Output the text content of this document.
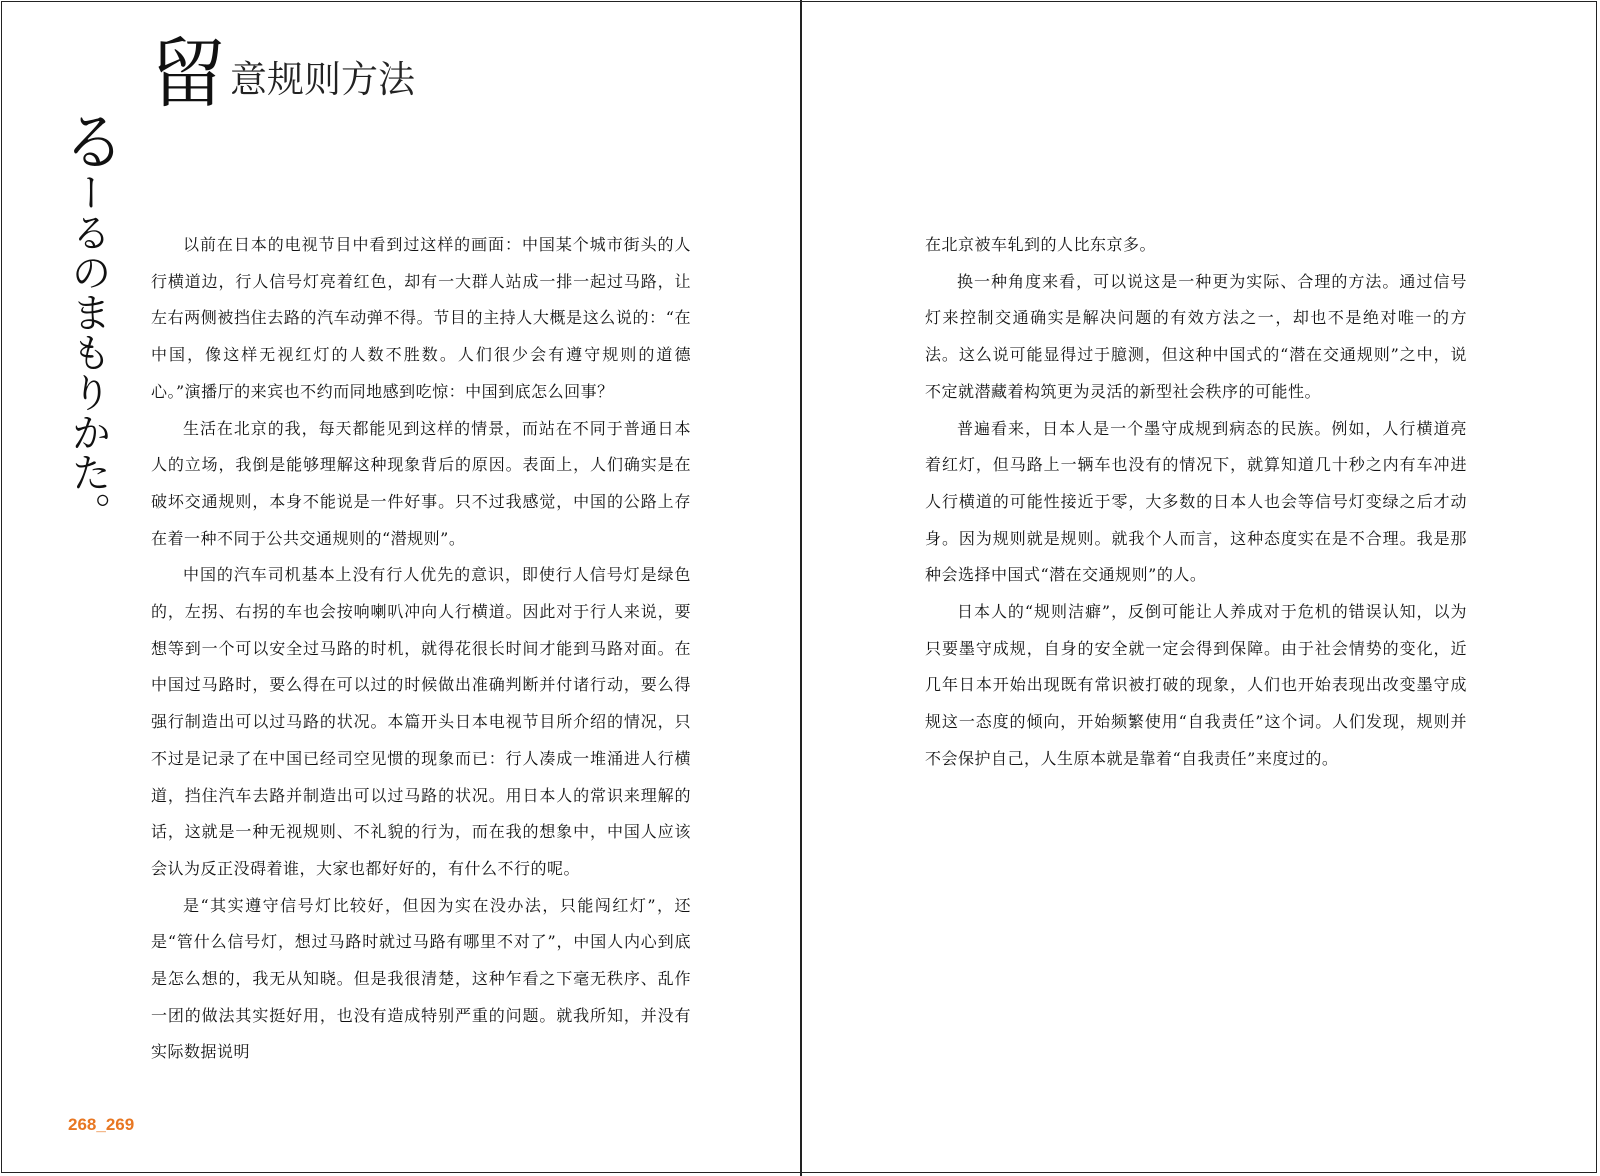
留 意规则方法
るーるのまもりかた。	以前在日本的电视节目中看到过这样的画面：中国某个城市街头的人行横道边，行人信号灯亮着红色，却有一大群人站成一排一起过马路，让左右两侧被挡住去路的汽车动弹不得。节目的主持人大概是这么说的：“在中国，像这样无视红灯的人数不胜数。人们很少会有遵守规则的道德心。”演播厅的来宾也不约而同地感到吃惊：中国到底怎么回事？

生活在北京的我，每天都能见到这样的情景，而站在不同于普通日本人的立场，我倒是能够理解这种现象背后的原因。表面上，人们确实是在破坏交通规则，本身不能说是一件好事。只不过我感觉，中国的公路上存在着一种不同于公共交通规则的“潜规则”。

中国的汽车司机基本上没有行人优先的意识，即使行人信号灯是绿色的，左拐、右拐的车也会按响喇叭冲向人行横道。因此对于行人来说，要想等到一个可以安全过马路的时机，就得花很长时间才能到马路对面。在中国过马路时，要么得在可以过的时候做出准确判断并付诸行动，要么得强行制造出可以过马路的状况。本篇开头日本电视节目所介绍的情况，只不过是记录了在中国已经司空见惯的现象而已：行人凑成一堆涌进人行横道，挡住汽车去路并制造出可以过马路的状况。用日本人的常识来理解的话，这就是一种无视规则、不礼貌的行为，而在我的想象中，中国人应该会认为反正没碍着谁，大家也都好好的，有什么不行的呢。

是“其实遵守信号灯比较好，但因为实在没办法，只能闯红灯”，还是“管什么信号灯，想过马路时就过马路有哪里不对了”，中国人内心到底是怎么想的，我无从知晓。但是我很清楚，这种乍看之下毫无秩序、乱作一团的做法其实挺好用，也没有造成特别严重的问题。就我所知，并没有实际数据说明

在北京被车轧到的人比东京多。

换一种角度来看，可以说这是一种更为实际、合理的方法。通过信号灯来控制交通确实是解决问题的有效方法之一，却也不是绝对唯一的方法。这么说可能显得过于臆测，但这种中国式的“潜在交通规则”之中，说不定就潜藏着构筑更为灵活的新型社会秩序的可能性。

普遍看来，日本人是一个墨守成规到病态的民族。例如，人行横道亮着红灯，但马路上一辆车也没有的情况下，就算知道几十秒之内有车冲进人行横道的可能性接近于零，大多数的日本人也会等信号灯变绿之后才动身。因为规则就是规则。就我个人而言，这种态度实在是不合理。我是那种会选择中国式“潜在交通规则”的人。

日本人的“规则洁癖”，反倒可能让人养成对于危机的错误认知，以为只要墨守成规，自身的安全就一定会得到保障。由于社会情势的变化，近几年日本开始出现既有常识被打破的现象，人们也开始表现出改变墨守成规这一态度的倾向，开始频繁使用“自我责任”这个词。人们发现，规则并不会保护自己，人生原本就是靠着“自我责任”来度过的。

268_269
